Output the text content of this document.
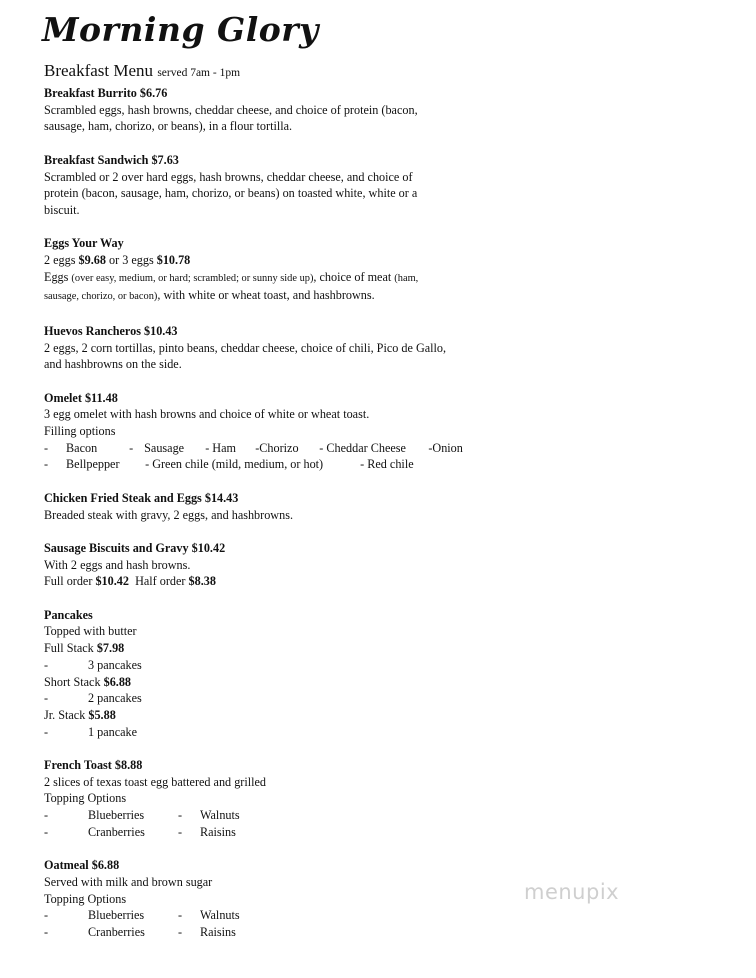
Morning Glory
Breakfast Menu served 7am - 1pm
Breakfast Burrito $6.76
Scrambled eggs, hash browns, cheddar cheese, and choice of protein (bacon,
sausage, ham, chorizo, or beans), in a flour tortilla.
Breakfast Sandwich $7.63
Scrambled or 2 over hard eggs, hash browns, cheddar cheese, and choice of
protein (bacon, sausage, ham, chorizo, or beans) on toasted white, white or a
biscuit.
Eggs Your Way
2 eggs $9.68 or 3 eggs $10.78
Eggs (over easy, medium, or hard; scrambled; or sunny side up), choice of meat (ham,
sausage, chorizo, or bacon), with white or wheat toast, and hashbrowns.
Huevos Rancheros $10.43
2 eggs, 2 corn tortillas, pinto beans, cheddar cheese, choice of chili, Pico de Gallo,
and hashbrowns on the side.
Omelet $11.48
3 egg omelet with hash browns and choice of white or wheat toast.
Filling options
- Bacon	- Sausage - Ham -Chorizo - Cheddar Cheese -Onion
- Bellpepper - Green chile (mild, medium, or hot)	- Red chile
Chicken Fried Steak and Eggs $14.43
Breaded steak with gravy, 2 eggs, and hashbrowns.
Sausage Biscuits and Gravy $10.42
With 2 eggs and hash browns.
Full order $10.42 Half order $8.38
Pancakes
Topped with butter
Full Stack $7.98
-	3 pancakes
Short Stack $6.88
-	2 pancakes
Jr. Stack $5.88
-	1 pancake
French Toast $8.88
2 slices of texas toast egg battered and grilled
Topping Options
-	Blueberries	- Walnuts
-	Cranberries	- Raisins
Oatmeal $6.88
Served with milk and brown sugar
Topping Options
-	Blueberries	- Walnuts
-	Cranberries	- Raisins
menupix
